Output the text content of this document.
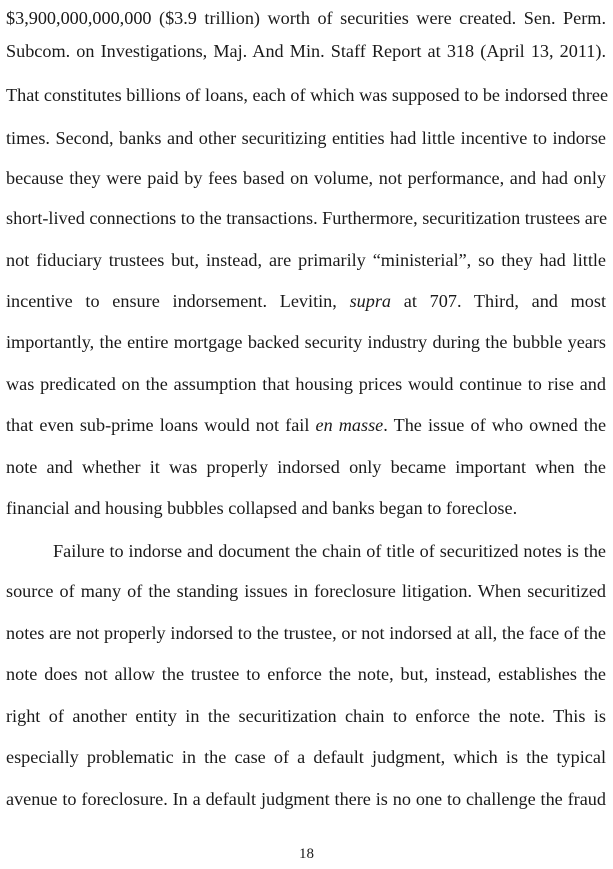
$3,900,000,000,000 ($3.9 trillion) worth of securities were created. Sen. Perm.
Subcom. on Investigations, Maj. And Min. Staff Report at 318 (April 13, 2011).
That constitutes billions of loans, each of which was supposed to be indorsed three
times. Second, banks and other securitizing entities had little incentive to indorse
because they were paid by fees based on volume, not performance, and had only
short-lived connections to the transactions. Furthermore, securitization trustees are
not fiduciary trustees but, instead, are primarily “ministerial”, so they had little
incentive to ensure indorsement. Levitin, supra at 707. Third, and most
importantly, the entire mortgage backed security industry during the bubble years
was predicated on the assumption that housing prices would continue to rise and
that even sub-prime loans would not fail en masse. The issue of who owned the
note and whether it was properly indorsed only became important when the
financial and housing bubbles collapsed and banks began to foreclose.
Failure to indorse and document the chain of title of securitized notes is the
source of many of the standing issues in foreclosure litigation. When securitized
notes are not properly indorsed to the trustee, or not indorsed at all, the face of the
note does not allow the trustee to enforce the note, but, instead, establishes the
right of another entity in the securitization chain to enforce the note. This is
especially problematic in the case of a default judgment, which is the typical
avenue to foreclosure. In a default judgment there is no one to challenge the fraud
18
